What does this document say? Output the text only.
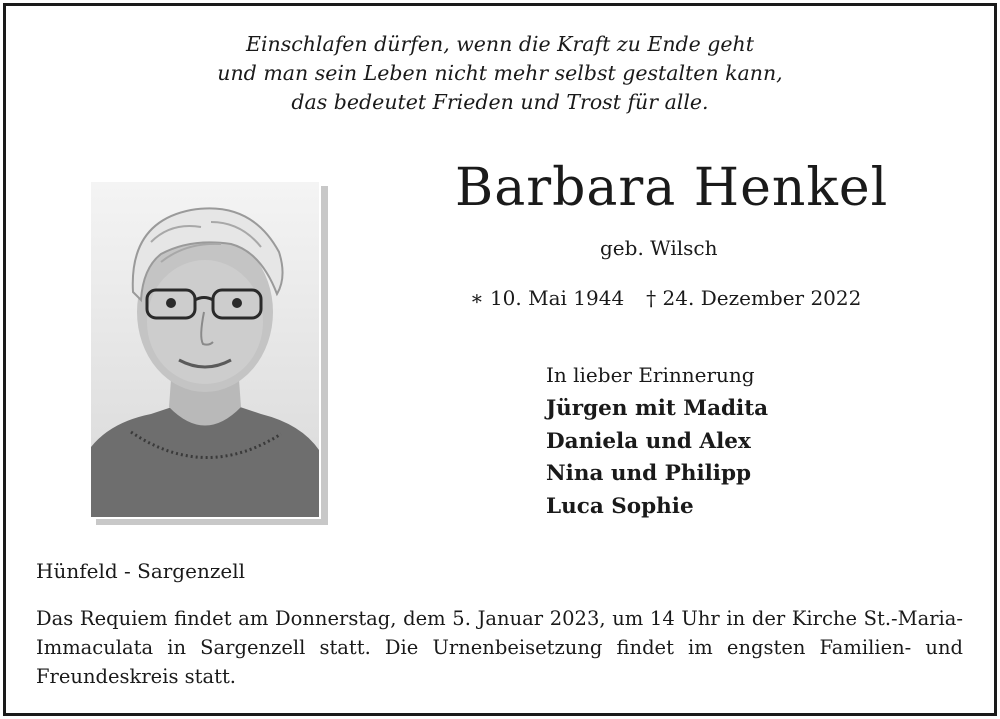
Einschlafen dürfen, wenn die Kraft zu Ende geht
und man sein Leben nicht mehr selbst gestalten kann,
das bedeutet Frieden und Trost für alle.
Barbara Henkel
geb. Wilsch
∗ 10. Mai 1944 † 24. Dezember 2022
In lieber Erinnerung
Jürgen mit Madita
Daniela und Alex
Nina und Philipp
Luca Sophie
Hünfeld - Sargenzell
Das Requiem findet am Donnerstag, dem 5. Januar 2023, um 14 Uhr in der Kirche St.-Maria- Immaculata in Sargenzell statt. Die Urnenbeisetzung findet im engsten Familien- und Freundeskreis statt.
